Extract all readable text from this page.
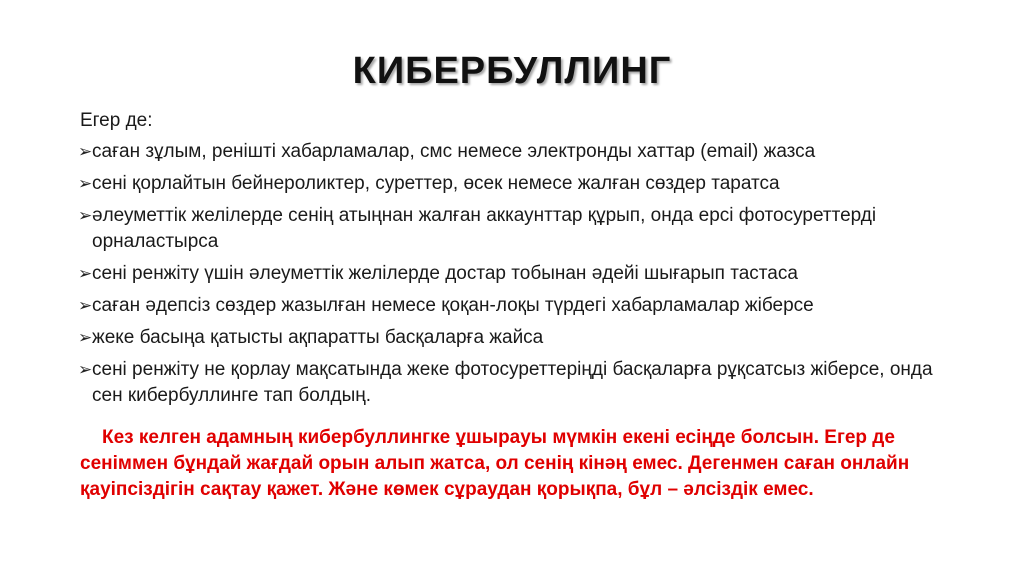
КИБЕРБУЛЛИНГ
Егер де:
➢ саған зұлым, ренішті хабарламалар, смс немесе электронды хаттар (email) жазса
➢ сені қорлайтын бейнероликтер, суреттер, өсек немесе жалған сөздер таратса
➢ әлеуметтік желілерде сенің атыңнан жалған аккаунттар құрып, онда ерсі фотосуреттерді орналастырса
➢ сені ренжіту үшін әлеуметтік желілерде достар тобынан әдейі шығарып тастаса
➢ саған әдепсіз сөздер жазылған немесе қоқан-лоқы түрдегі хабарламалар жіберсе
➢ жеке басыңа қатысты ақпаратты басқаларға жайса
➢ сені ренжіту не қорлау мақсатында жеке фотосуреттеріңді басқаларға рұқсатсыз жіберсе, онда сен кибербуллинге тап болдың.
Кез келген адамның кибербуллингке ұшырауы мүмкін екені есіңде болсын. Егер де сеніммен бұндай жағдай орын алып жатса, ол сенің кінәң емес. Дегенмен саған онлайн қауіпсіздігін сақтау қажет. Және көмек сұраудан қорықпа, бұл – әлсіздік емес.
